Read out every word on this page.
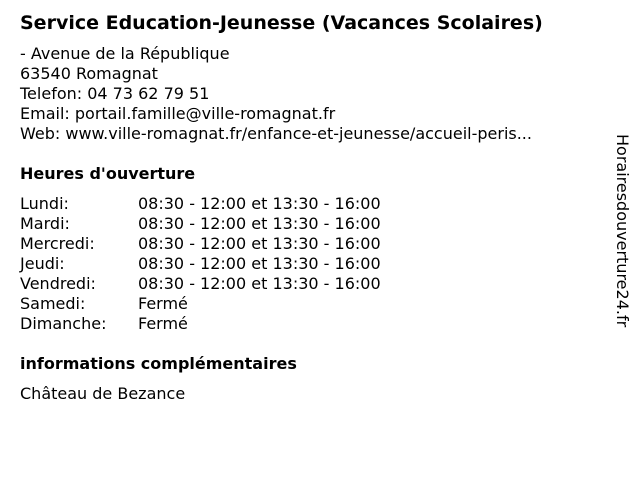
Service Education-Jeunesse (Vacances Scolaires)
- Avenue de la République
63540 Romagnat
Telefon: 04 73 62 79 51
Email: portail.famille@ville-romagnat.fr
Web: www.ville-romagnat.fr/enfance-et-jeunesse/accueil-peris...
Heures d'ouverture
Lundi:	08:30 - 12:00 et 13:30 - 16:00
Mardi:	08:30 - 12:00 et 13:30 - 16:00
Mercredi:	08:30 - 12:00 et 13:30 - 16:00
Jeudi:	08:30 - 12:00 et 13:30 - 16:00
Vendredi:	08:30 - 12:00 et 13:30 - 16:00
Samedi:	Fermé
Dimanche:	Fermé
informations complémentaires
Château de Bezance
Horairesdouverture24.fr
